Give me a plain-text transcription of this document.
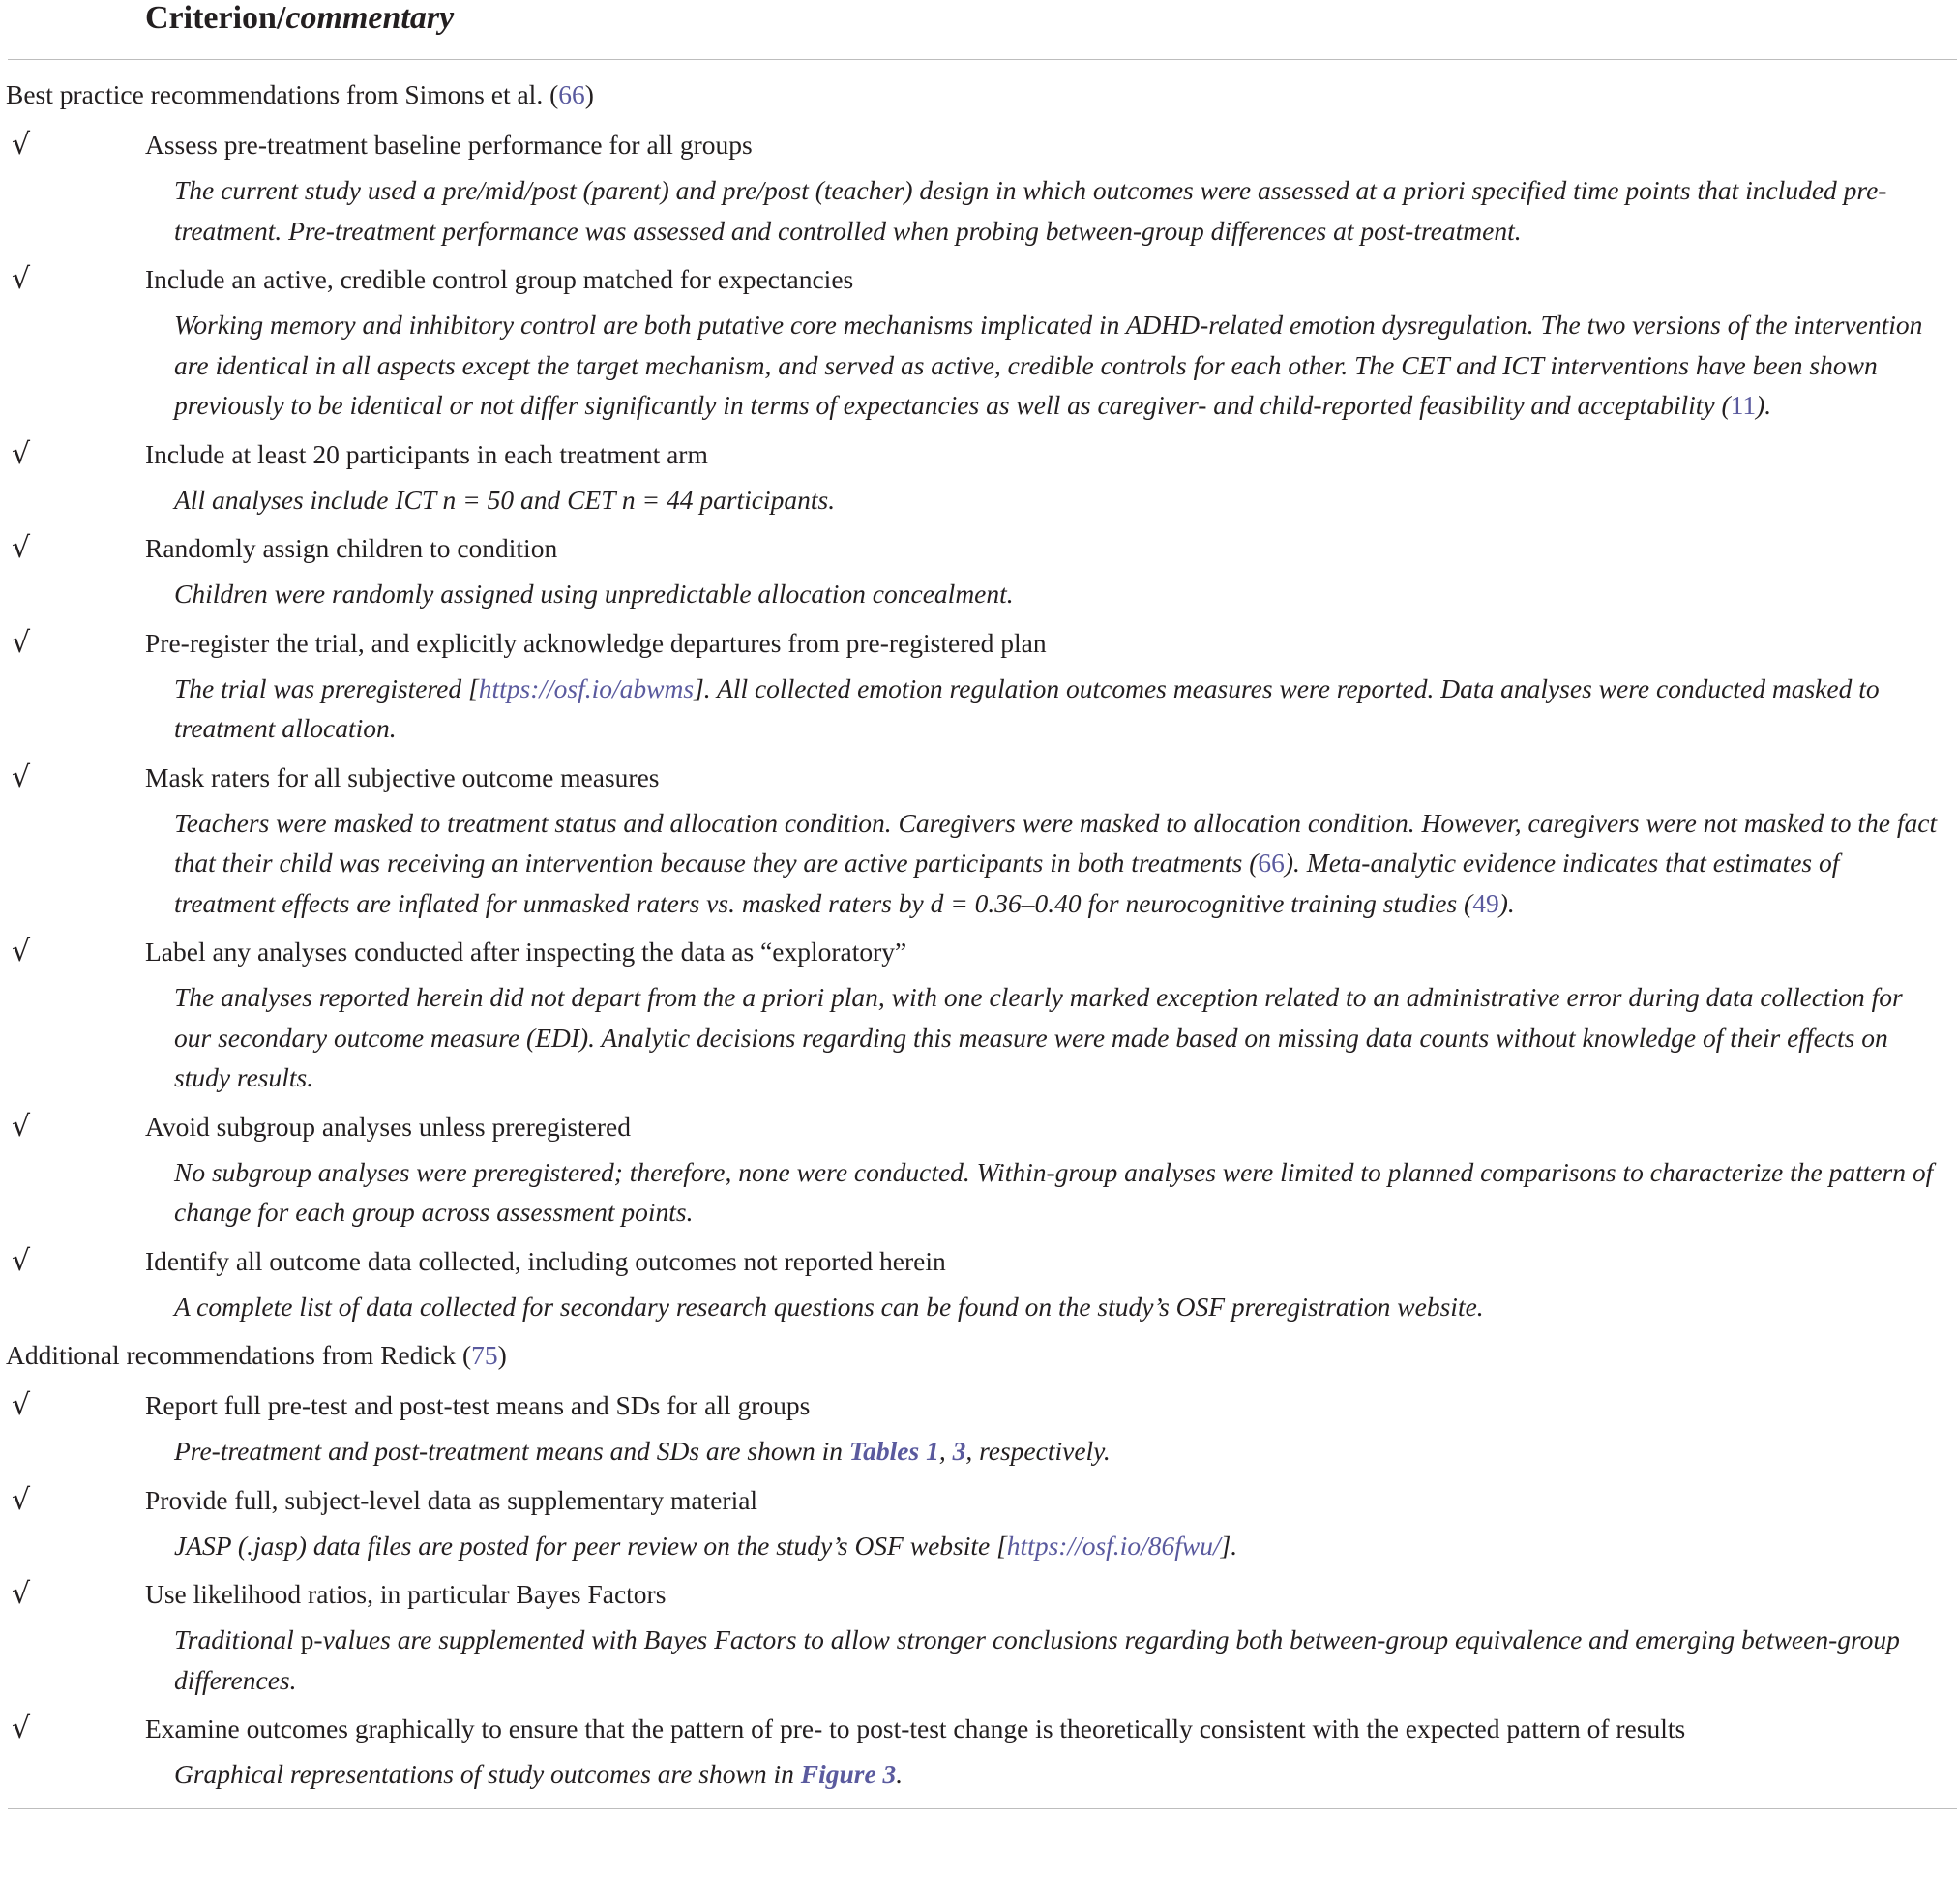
Criterion/commentary
Best practice recommendations from Simons et al. ( 66 )
√	Assess pre-treatment baseline performance for all groups
The current study used a pre/mid/post (parent) and pre/post (teacher) design in which outcomes were assessed at a priori specified time points that included pre-treatment. Pre-treatment performance was assessed and controlled when probing between-group differences at post-treatment.
√	Include an active, credible control group matched for expectancies
Working memory and inhibitory control are both putative core mechanisms implicated in ADHD-related emotion dysregulation. The two versions of the intervention are identical in all aspects except the target mechanism, and served as active, credible controls for each other. The CET and ICT interventions have been shown previously to be identical or not differ significantly in terms of expectancies as well as caregiver- and child-reported feasibility and acceptability (11).
√	Include at least 20 participants in each treatment arm
All analyses include ICT n = 50 and CET n = 44 participants.
√	Randomly assign children to condition
Children were randomly assigned using unpredictable allocation concealment.
√	Pre-register the trial, and explicitly acknowledge departures from pre-registered plan
The trial was preregistered [https://osf.io/abwms]. All collected emotion regulation outcomes measures were reported. Data analyses were conducted masked to treatment allocation.
√	Mask raters for all subjective outcome measures
Teachers were masked to treatment status and allocation condition. Caregivers were masked to allocation condition. However, caregivers were not masked to the fact that their child was receiving an intervention because they are active participants in both treatments (66). Meta-analytic evidence indicates that estimates of treatment effects are inflated for unmasked raters vs. masked raters by d = 0.36–0.40 for neurocognitive training studies (49).
√	Label any analyses conducted after inspecting the data as “exploratory”
The analyses reported herein did not depart from the a priori plan, with one clearly marked exception related to an administrative error during data collection for our secondary outcome measure (EDI). Analytic decisions regarding this measure were made based on missing data counts without knowledge of their effects on study results.
√	Avoid subgroup analyses unless preregistered
No subgroup analyses were preregistered; therefore, none were conducted. Within-group analyses were limited to planned comparisons to characterize the pattern of change for each group across assessment points.
√	Identify all outcome data collected, including outcomes not reported herein
A complete list of data collected for secondary research questions can be found on the study’s OSF preregistration website.
Additional recommendations from Redick ( 75 )
√	Report full pre-test and post-test means and SDs for all groups
Pre-treatment and post-treatment means and SDs are shown in Tables 1, 3, respectively.
√	Provide full, subject-level data as supplementary material
JASP (.jasp) data files are posted for peer review on the study’s OSF website [https://osf.io/86fwu/].
√	Use likelihood ratios, in particular Bayes Factors
Traditional p-values are supplemented with Bayes Factors to allow stronger conclusions regarding both between-group equivalence and emerging between-group differences.
√	Examine outcomes graphically to ensure that the pattern of pre- to post-test change is theoretically consistent with the expected pattern of results
Graphical representations of study outcomes are shown in Figure 3.
